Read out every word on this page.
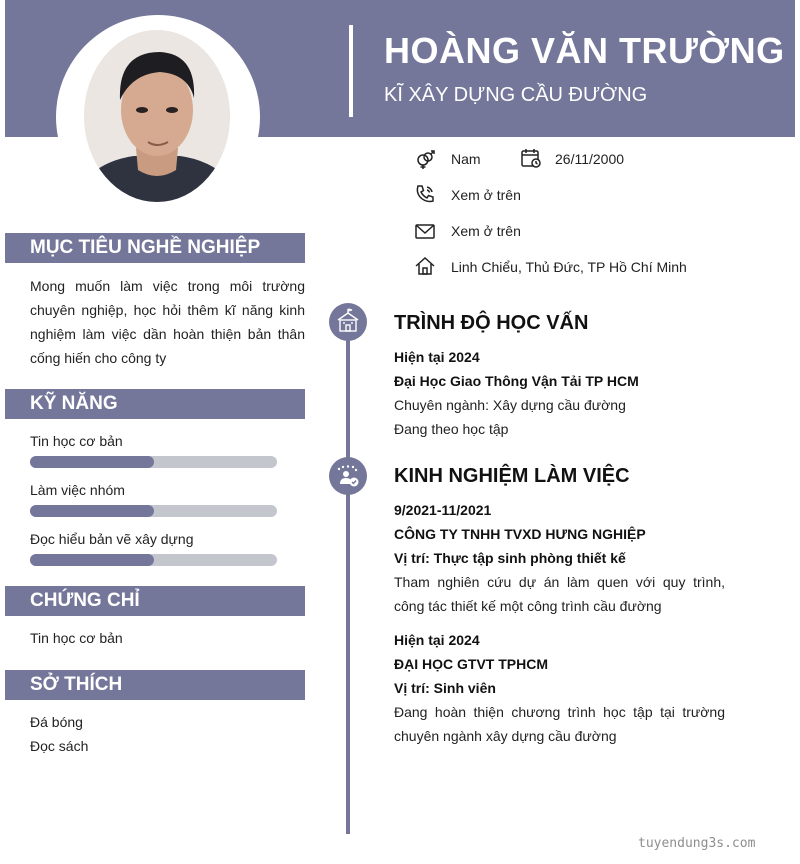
HOÀNG VĂN TRƯỜNG
KĨ XÂY DỰNG CẦU ĐƯỜNG
Nam	26/11/2000
Xem ở trên
Xem ở trên
Linh Chiểu, Thủ Đức, TP Hồ Chí Minh
MỤC TIÊU NGHỀ NGHIỆP
Mong muốn làm việc trong môi trường chuyên nghiệp, học hỏi thêm kĩ năng kinh nghiệm làm việc dần hoàn thiện bản thân cống hiến cho công ty
KỸ NĂNG
Tin học cơ bản
Làm việc nhóm
Đọc hiểu bản vẽ xây dựng
CHỨNG CHỈ
Tin học cơ bản
SỞ THÍCH
Đá bóng
Đọc sách
TRÌNH ĐỘ HỌC VẤN
Hiện tại 2024
Đại Học Giao Thông Vận Tải TP HCM
Chuyên ngành: Xây dựng cầu đường
Đang theo học tập
KINH NGHIỆM LÀM VIỆC
9/2021-11/2021
CÔNG TY TNHH TVXD HƯNG NGHIỆP
Vị trí: Thực tập sinh phòng thiết kế
Tham nghiên cứu dự án làm quen với quy trình, công tác thiết kế một công trình cầu đường
Hiện tại 2024
ĐẠI HỌC GTVT TPHCM
Vị trí: Sinh viên
Đang hoàn thiện chương trình học tập tại trường chuyên ngành xây dựng cầu đường
tuyendung3s.com
